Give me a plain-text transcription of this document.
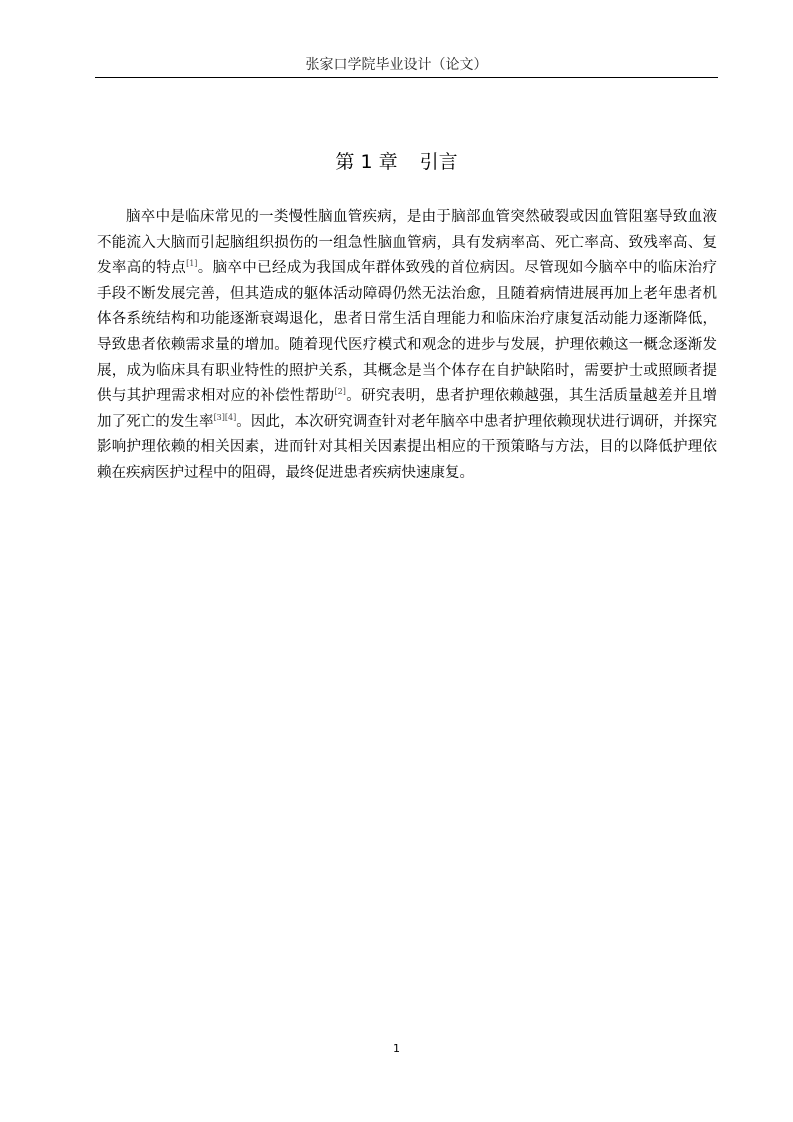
张家口学院毕业设计（论文）
第 1 章 引言

脑卒中是临床常见的一类慢性脑血管疾病，是由于脑部血管突然破裂或因血管阻塞导致血液不能流入大脑而引起脑组织损伤的一组急性脑血管病，具有发病率高、死亡率高、致残率高、复发率高的特点[1]。脑卒中已经成为我国成年群体致残的首位病因。尽管现如今脑卒中的临床治疗手段不断发展完善，但其造成的躯体活动障碍仍然无法治愈，且随着病情进展再加上老年患者机体各系统结构和功能逐渐衰竭退化，患者日常生活自理能力和临床治疗康复活动能力逐渐降低，导致患者依赖需求量的增加。随着现代医疗模式和观念的进步与发展，护理依赖这一概念逐渐发展，成为临床具有职业特性的照护关系，其概念是当个体存在自护缺陷时，需要护士或照顾者提供与其护理需求相对应的补偿性帮助[2]。研究表明，患者护理依赖越强，其生活质量越差并且增加了死亡的发生率[3][4]。因此，本次研究调查针对老年脑卒中患者护理依赖现状进行调研，并探究影响护理依赖的相关因素，进而针对其相关因素提出相应的干预策略与方法，目的以降低护理依赖在疾病医护过程中的阻碍，最终促进患者疾病快速康复。

1
